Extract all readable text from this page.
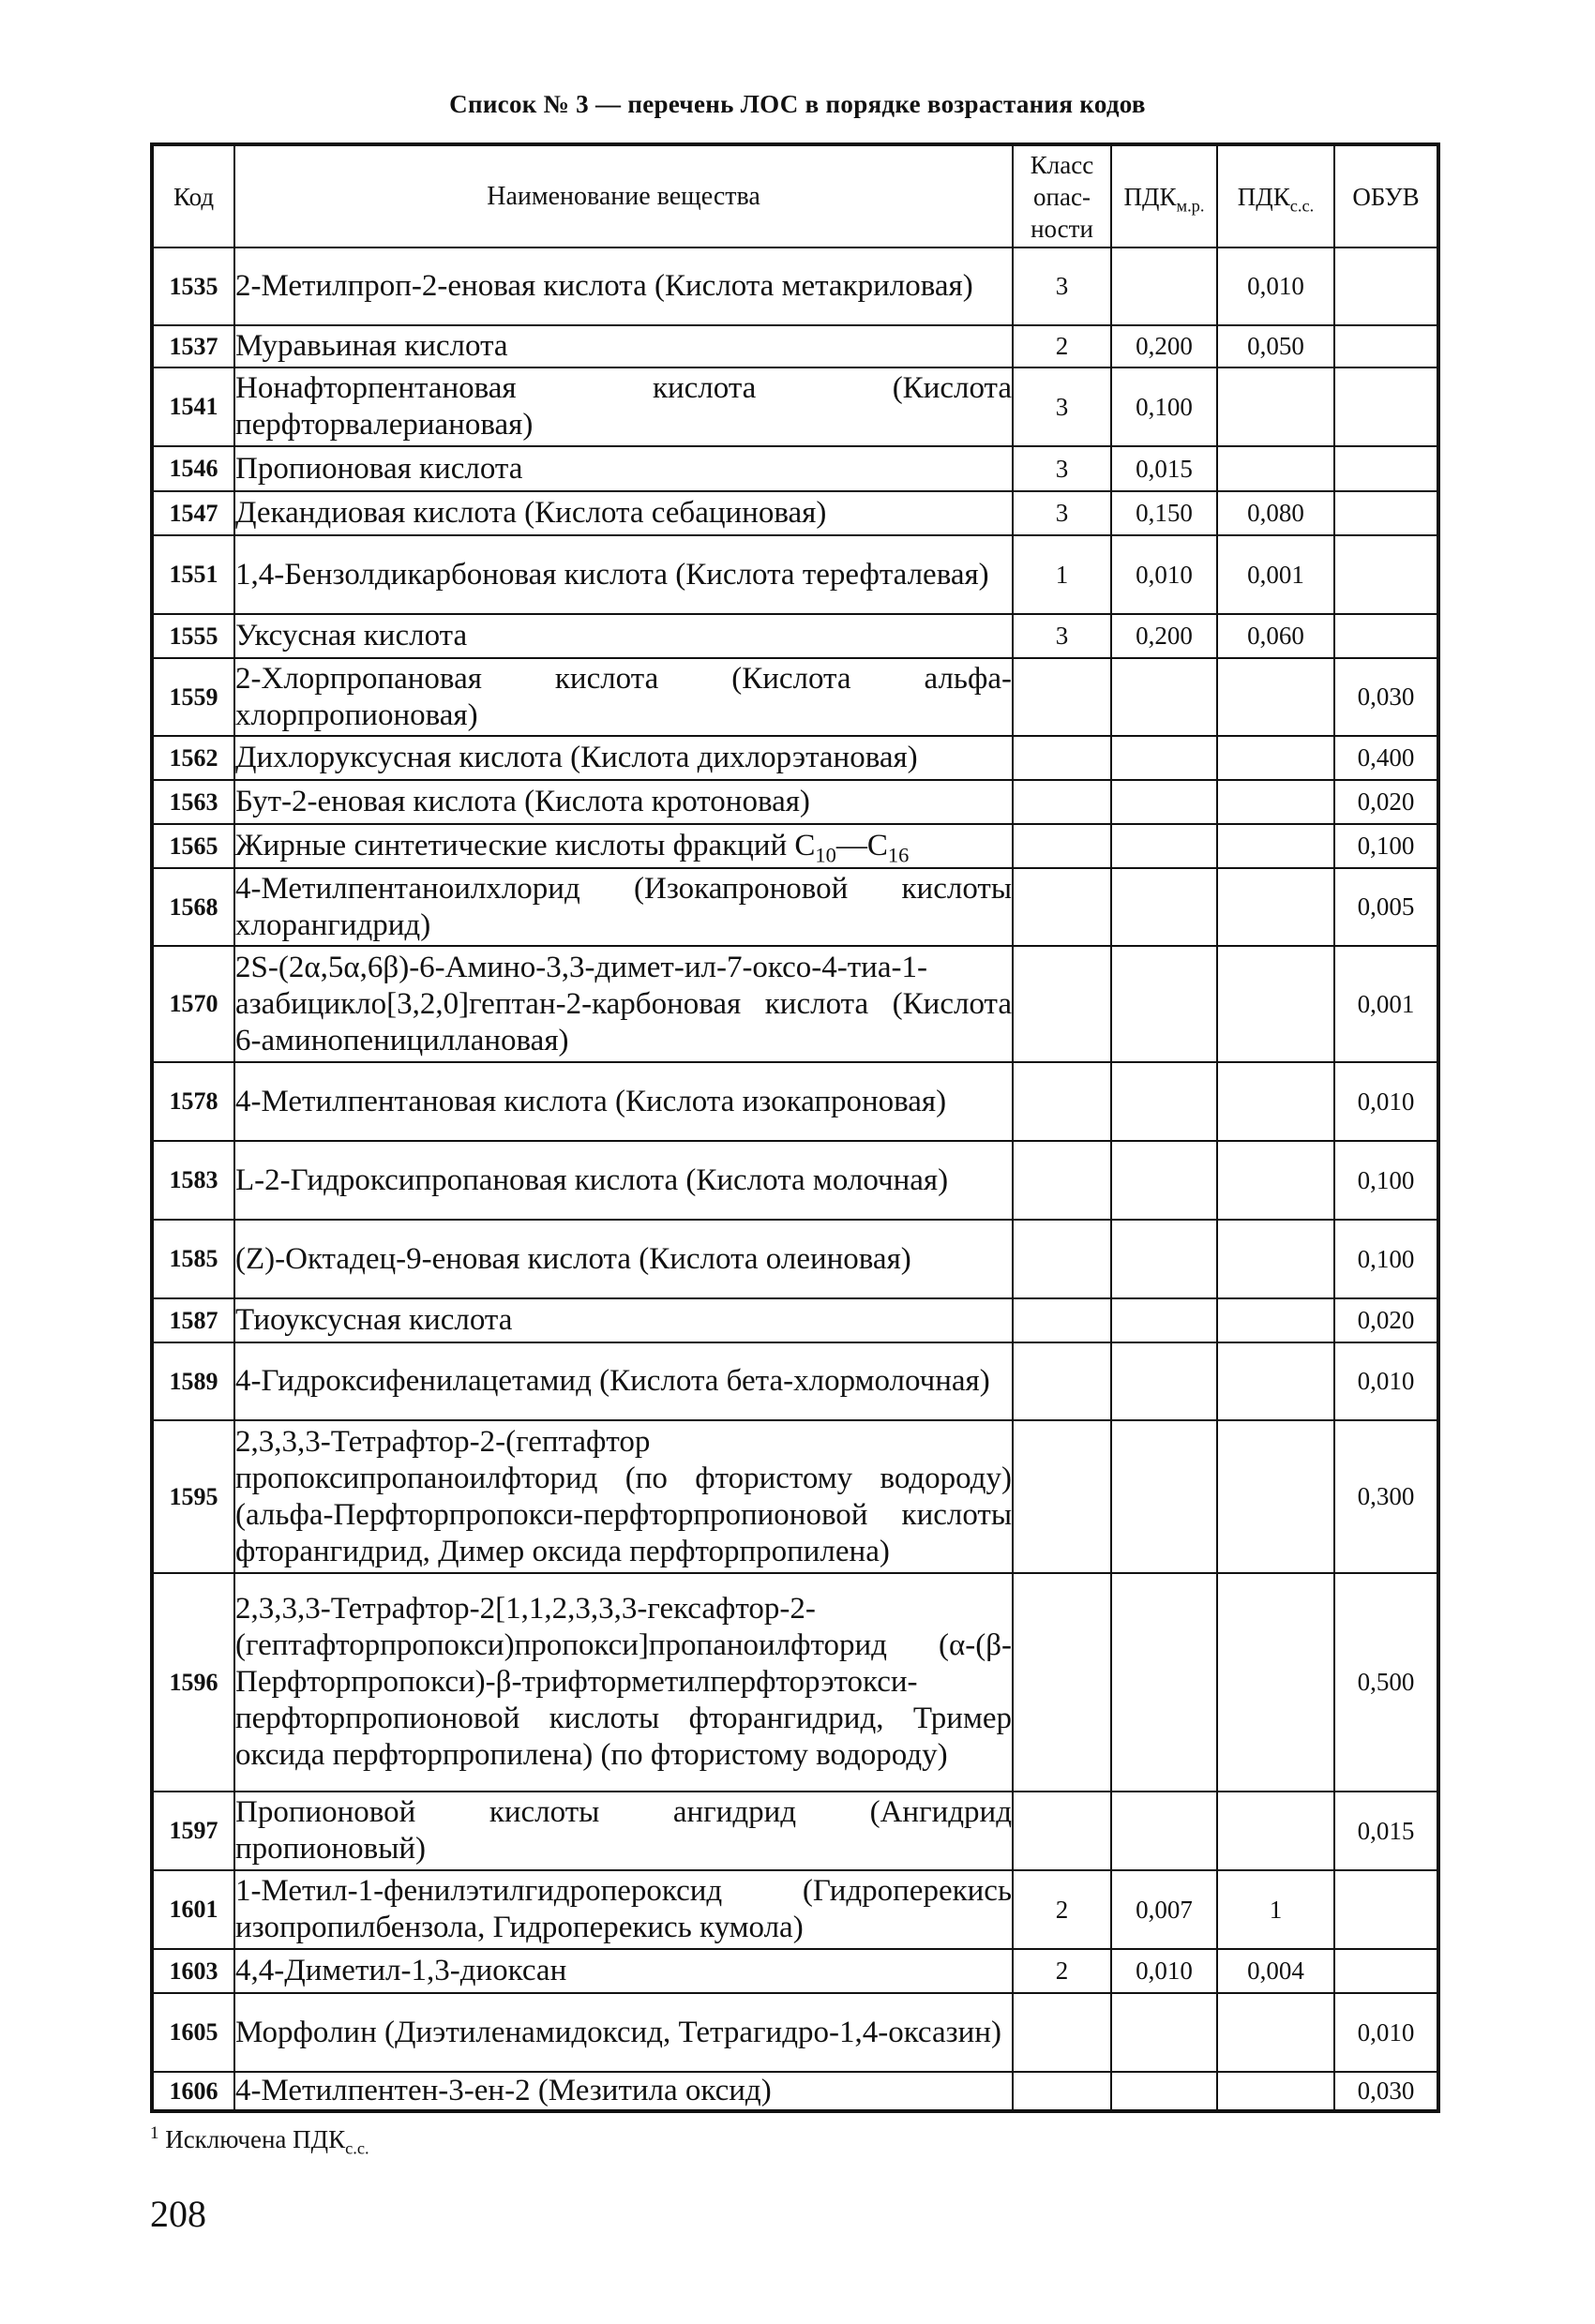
Список № 3 — перечень ЛОС в порядке возрастания кодов
Код	Наименование вещества	Класс
опас-
ности	$ПДК_{м.р.}$	$ПДК_{с.с.}$	ОБУВ
1535	2-Метилпроп-2-еновая кислота (Кислота метакриловая)	3		0,010	
1537	Муравьиная кислота	2	0,200	0,050	
1541	Нонафторпентановая кислота (Кислота перфторвалериановая)	3	0,100		
1546	Пропионовая кислота	3	0,015		
1547	Декандиовая кислота (Кислота себациновая)	3	0,150	0,080	
1551	1,4-Бензолдикарбоновая кислота (Кислота терефталевая)	1	0,010	0,001	
1555	Уксусная кислота	3	0,200	0,060	
1559	2-Хлорпропановая кислота (Кислота альфа-хлорпропионовая)				0,030
1562	Дихлоруксусная кислота (Кислота дихлорэтановая)				0,400
1563	Бут-2-еновая кислота (Кислота кротоновая)				0,020
1565	Жирные синтетические кислоты фракций $C_{10}—C_{16}$				0,100
1568	4-Метилпентаноилхлорид (Изокапроновой кислоты хлорангидрид)				0,005
1570	2S-(2α,5α,6β)-6-Амино-3,3-димет-ил-7-оксо-4-тиа-1-азабицикло[3,2,0]гептан-2-карбоновая кислота (Кислота 6-аминопенициллановая)				0,001
1578	4-Метилпентановая кислота (Кислота изокапроновая)				0,010
1583	L-2-Гидроксипропановая кислота (Кислота молочная)				0,100
1585	(Z)-Октадец-9-еновая кислота (Кислота олеиновая)				0,100
1587	Тиоуксусная кислота				0,020
1589	4-Гидроксифенилацетамид (Кислота бета-хлормолочная)				0,010
1595	2,3,3,3-Тетрафтор-2-(гептафтор пропоксипропаноилфторид (по фтористому водороду) (альфа-Перфторпропокси-перфторпропионовой кислоты фторангидрид, Димер оксида перфторпропилена)				0,300
1596	2,3,3,3-Тетрафтор-2[1,1,2,3,3,3-гексафтор-2-(гептафторпропокси)пропокси]пропаноилфторид (α-(β-Перфторпропокси)-β-трифторметилперфторэтокси-перфторпропионовой кислоты фторангидрид, Тример оксида перфторпропилена) (по фтористому водороду)				0,500
1597	Пропионовой кислоты ангидрид (Ангидрид пропионовый)				0,015
1601	1-Метил-1-фенилэтилгидропероксид (Гидроперекись изопропилбензола, Гидроперекись кумола)	2	0,007	1	
1603	4,4-Диметил-1,3-диоксан	2	0,010	0,004	
1605	Морфолин (Диэтиленамидоксид, Тетрагидро-1,4-оксазин)				0,010
1606	4-Метилпентен-3-ен-2 (Мезитила оксид)				0,030
$^1$ Исключена $ПДК_{с.с.}$
208
